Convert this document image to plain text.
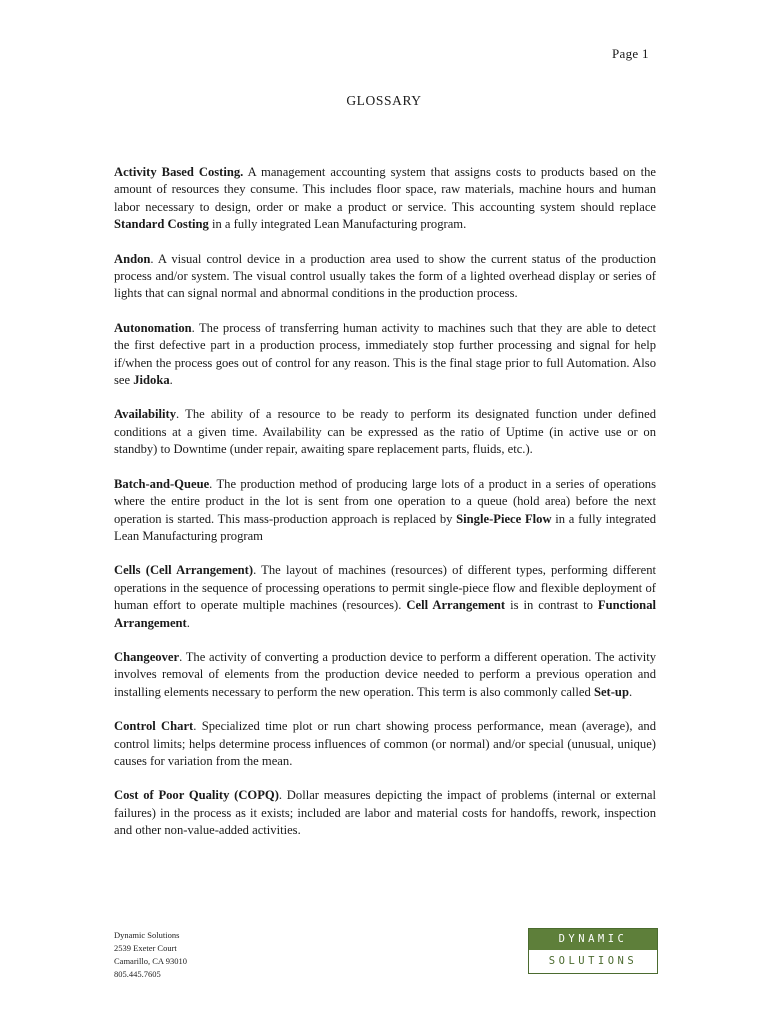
Page 1
GLOSSARY

Activity Based Costing. A management accounting system that assigns costs to products based on the amount of resources they consume. This includes floor space, raw materials, machine hours and human labor necessary to design, order or make a product or service. This accounting system should replace Standard Costing in a fully integrated Lean Manufacturing program.

Andon. A visual control device in a production area used to show the current status of the production process and/or system. The visual control usually takes the form of a lighted overhead display or series of lights that can signal normal and abnormal conditions in the production process.

Autonomation. The process of transferring human activity to machines such that they are able to detect the first defective part in a production process, immediately stop further processing and signal for help if/when the process goes out of control for any reason. This is the final stage prior to full Automation. Also see Jidoka.

Availability. The ability of a resource to be ready to perform its designated function under defined conditions at a given time. Availability can be expressed as the ratio of Uptime (in active use or on standby) to Downtime (under repair, awaiting spare replacement parts, fluids, etc.).

Batch-and-Queue. The production method of producing large lots of a product in a series of operations where the entire product in the lot is sent from one operation to a queue (hold area) before the next operation is started. This mass-production approach is replaced by Single-Piece Flow in a fully integrated Lean Manufacturing program

Cells (Cell Arrangement). The layout of machines (resources) of different types, performing different operations in the sequence of processing operations to permit single-piece flow and flexible deployment of human effort to operate multiple machines (resources). Cell Arrangement is in contrast to Functional Arrangement.

Changeover. The activity of converting a production device to perform a different operation. The activity involves removal of elements from the production device needed to perform a previous operation and installing elements necessary to perform the new operation. This term is also commonly called Set-up.

Control Chart. Specialized time plot or run chart showing process performance, mean (average), and control limits; helps determine process influences of common (or normal) and/or special (unusual, unique) causes for variation from the mean.

Cost of Poor Quality (COPQ). Dollar measures depicting the impact of problems (internal or external failures) in the process as it exists; included are labor and material costs for handoffs, rework, inspection and other non-value-added activities.

Dynamic Solutions
2539 Exeter Court
Camarillo, CA 93010
805.445.7605
DYNAMIC
SOLUTIONS
